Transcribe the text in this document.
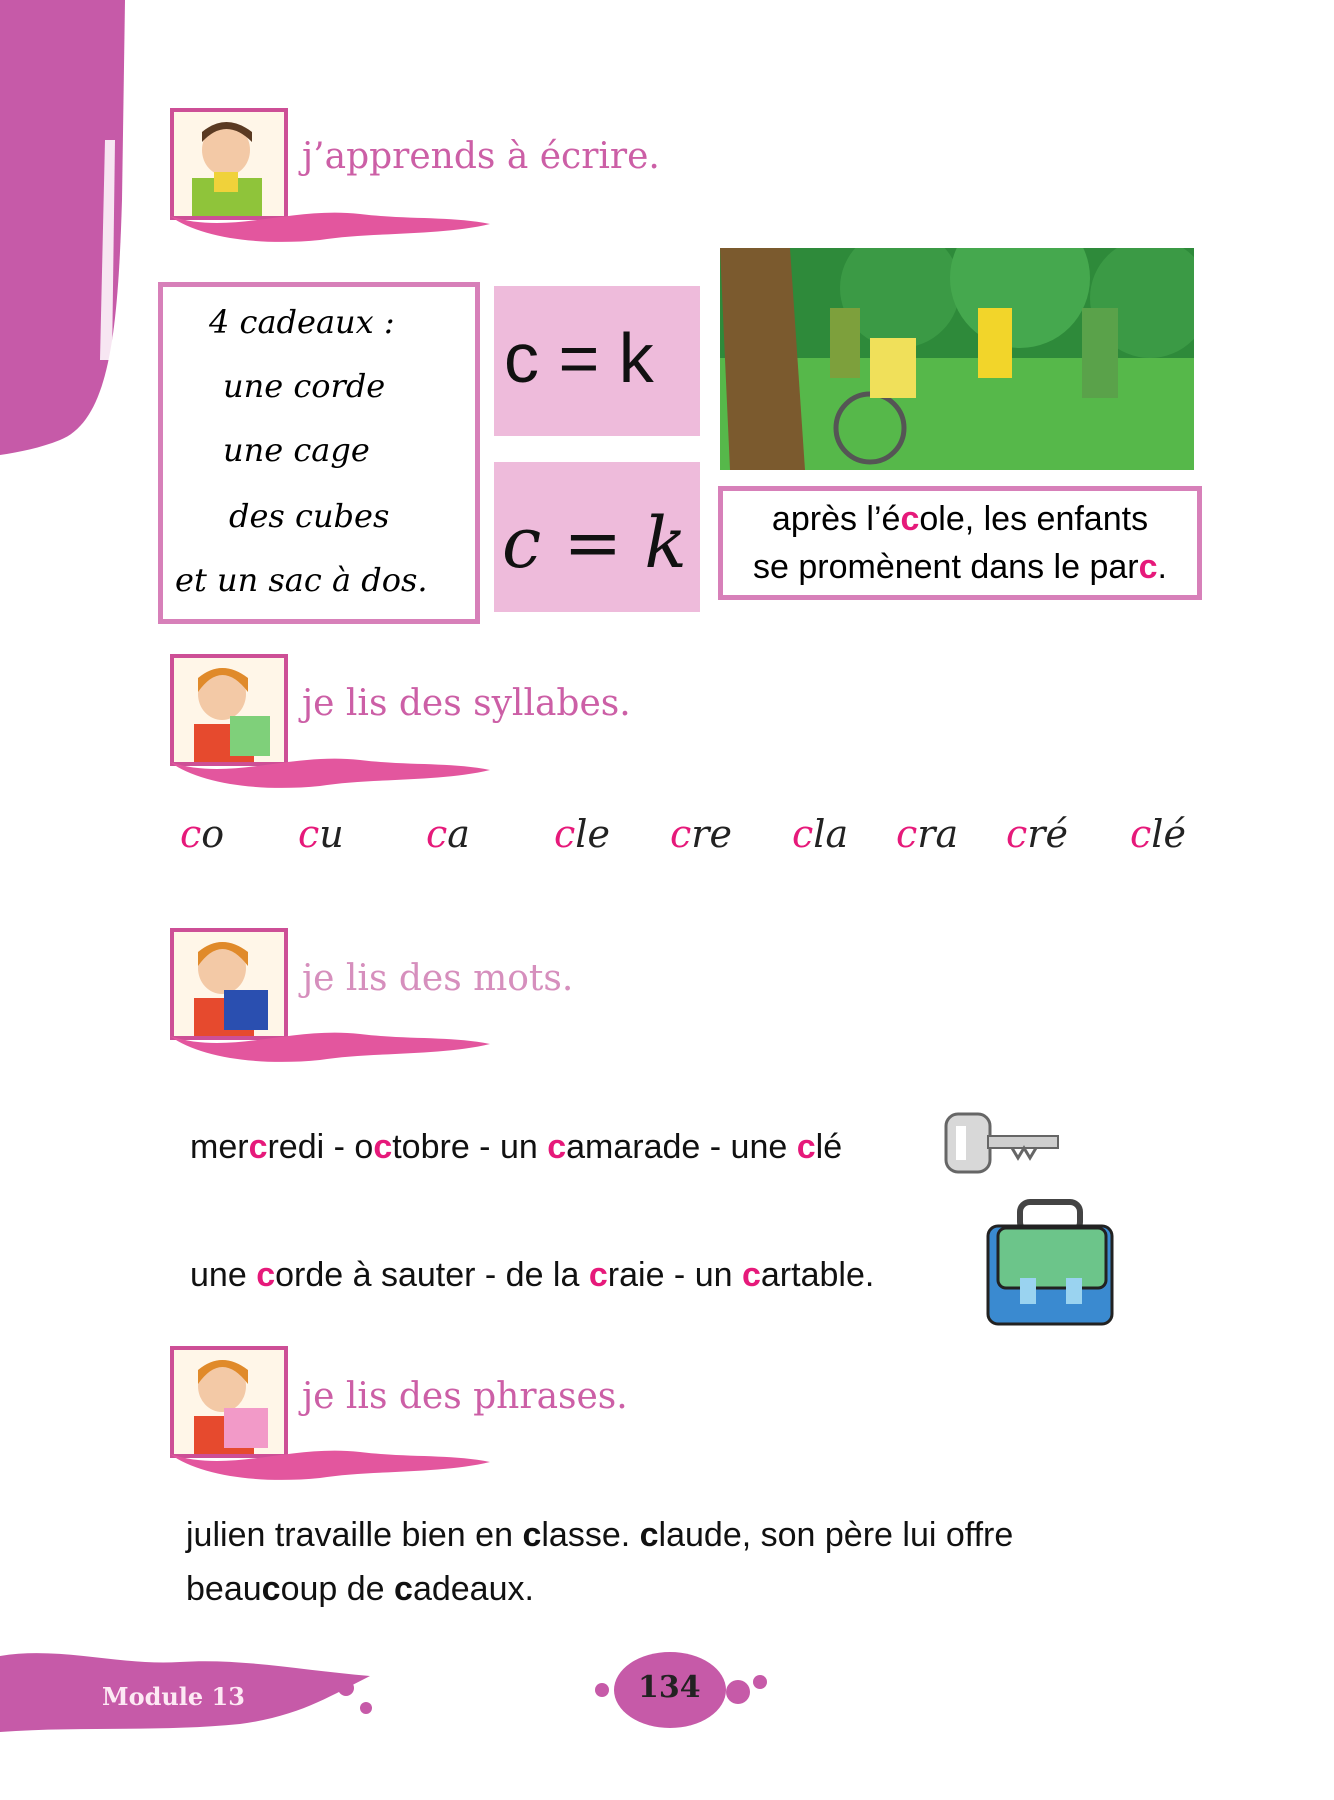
j’apprends à écrire.
4 cadeaux :
une corde
une cage
des cubes
et un sac à dos.
c = k
c = k	après l’école, les enfants
se promènent dans le parc.
je lis des syllabes.
co cu ca cle cre cla cra cré clé
je lis des mots.
mercredi - octobre - un camarade - une clé
une corde à sauter - de la craie - un cartable.
je lis des phrases.
julien travaille bien en classe. claude, son père lui offre
beaucoup de cadeaux.
Module 13	134
